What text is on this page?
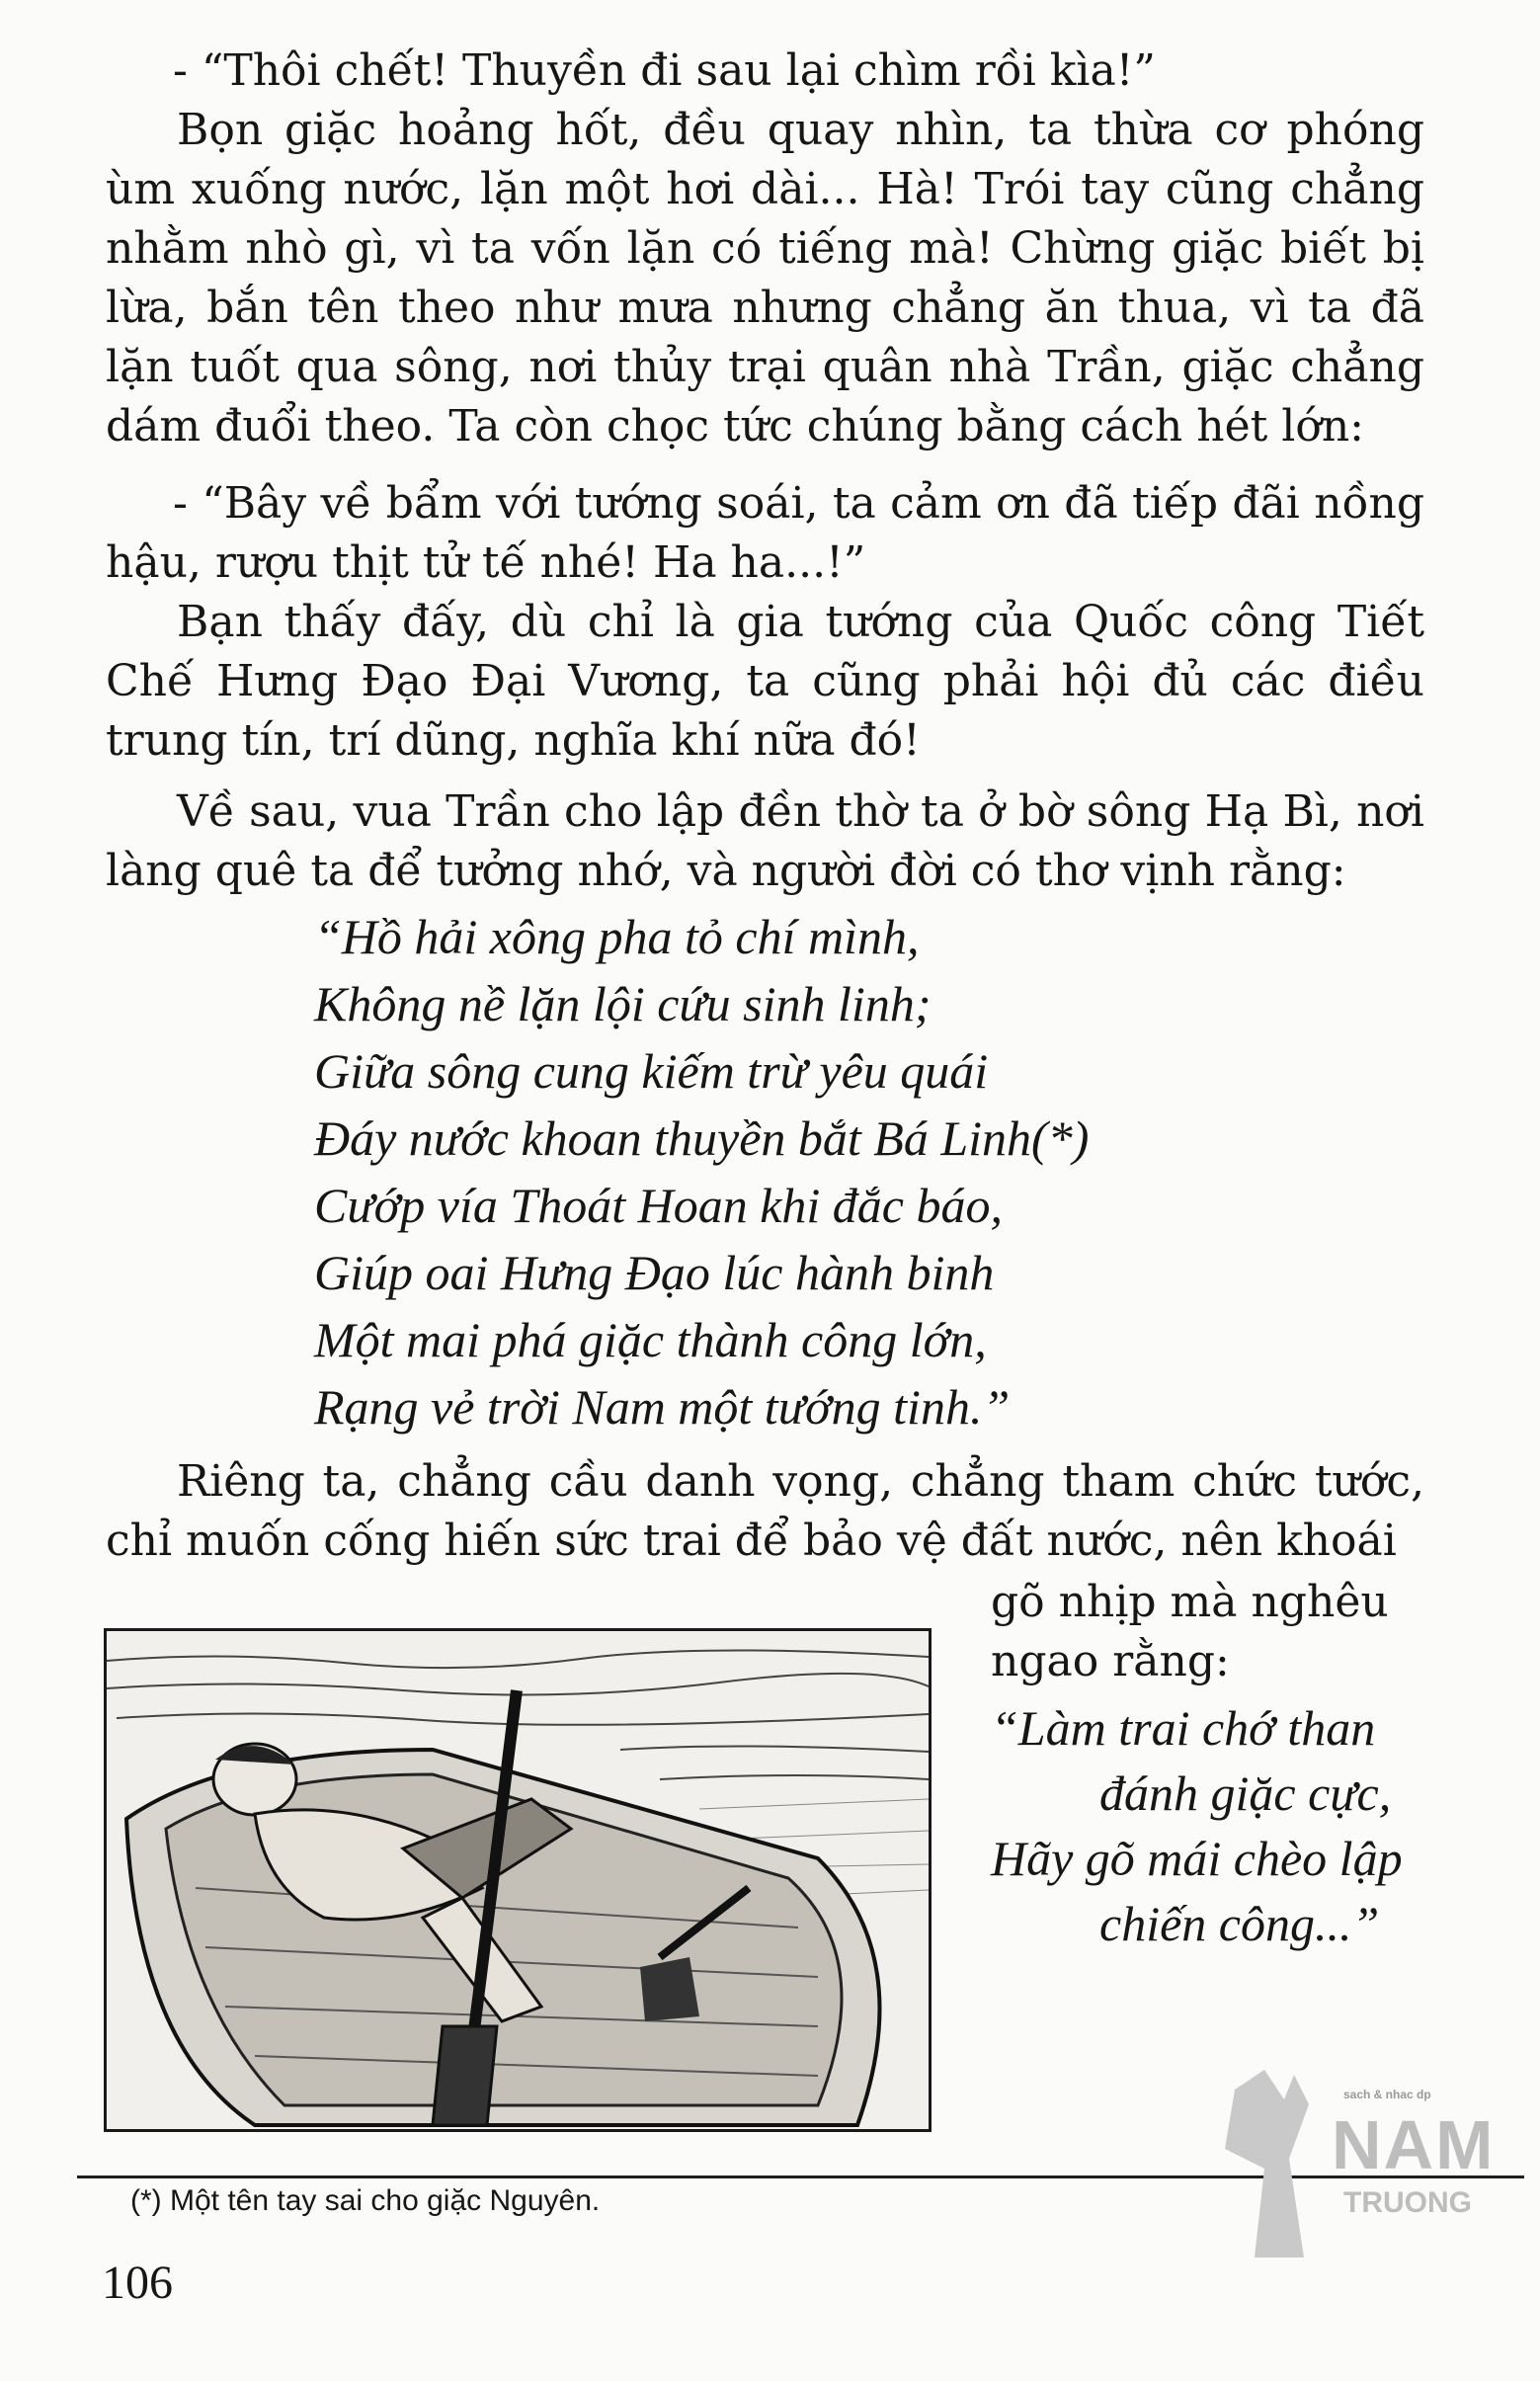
- “Thôi chết! Thuyền đi sau lại chìm rồi kìa!”

Bọn giặc hoảng hốt, đều quay nhìn, ta thừa cơ phóng ùm xuống nước, lặn một hơi dài... Hà! Trói tay cũng chẳng nhằm nhò gì, vì ta vốn lặn có tiếng mà! Chừng giặc biết bị lừa, bắn tên theo như mưa nhưng chẳng ăn thua, vì ta đã lặn tuốt qua sông, nơi thủy trại quân nhà Trần, giặc chẳng dám đuổi theo. Ta còn chọc tức chúng bằng cách hét lớn:

- “Bây về bẩm với tướng soái, ta cảm ơn đã tiếp đãi nồng hậu, rượu thịt tử tế nhé! Ha ha...!”

Bạn thấy đấy, dù chỉ là gia tướng của Quốc công Tiết Chế Hưng Đạo Đại Vương, ta cũng phải hội đủ các điều trung tín, trí dũng, nghĩa khí nữa đó!

Về sau, vua Trần cho lập đền thờ ta ở bờ sông Hạ Bì, nơi làng quê ta để tưởng nhớ, và người đời có thơ vịnh rằng:

“Hồ hải xông pha tỏ chí mình,
Không nề lặn lội cứu sinh linh;
Giữa sông cung kiếm trừ yêu quái
Đáy nước khoan thuyền bắt Bá Linh(*)
Cướp vía Thoát Hoan khi đắc báo,
Giúp oai Hưng Đạo lúc hành binh
Một mai phá giặc thành công lớn,
Rạng vẻ trời Nam một tướng tinh.”

Riêng ta, chẳng cầu danh vọng, chẳng tham chức tước, chỉ muốn cống hiến sức trai để bảo vệ đất nước, nên khoái

gõ nhịp mà nghêu
ngao rằng:
“Làm trai chớ than
đánh giặc cực,
Hãy gõ mái chèo lập
chiến công...”
(*) Một tên tay sai cho giặc Nguyên.
106
sach & nhac dp
NAM
TRUONG
